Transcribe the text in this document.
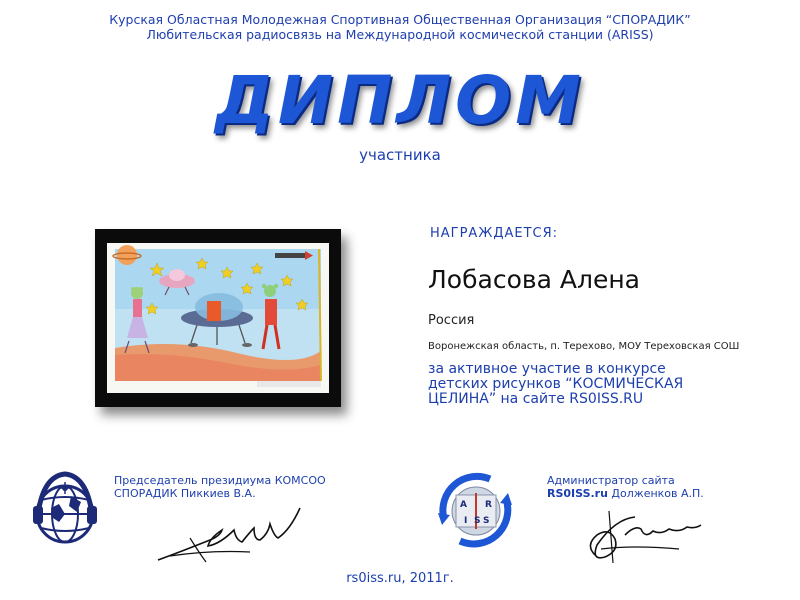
Курская Областная Молодежная Спортивная Общественная Организация “СПОРАДИК”
Любительская радиосвязь на Международной космической станции (ARISS)
ДИПЛОМ
участника
НАГРАЖДАЕТСЯ:
Лобасова Алена
Россия
Воронежская область, п. Терехово, МОУ Тереховская СОШ
за активное участие в конкурсе
детских рисунков “КОСМИЧЕСКАЯ
ЦЕЛИНА” на сайте RS0ISS.RU
Председатель президиума КОМСОО
СПОРАДИК Пиккиев В.А.
A R
I S S
Администратор сайта
RS0ISS.ru Долженков А.П.
rs0iss.ru, 2011г.
